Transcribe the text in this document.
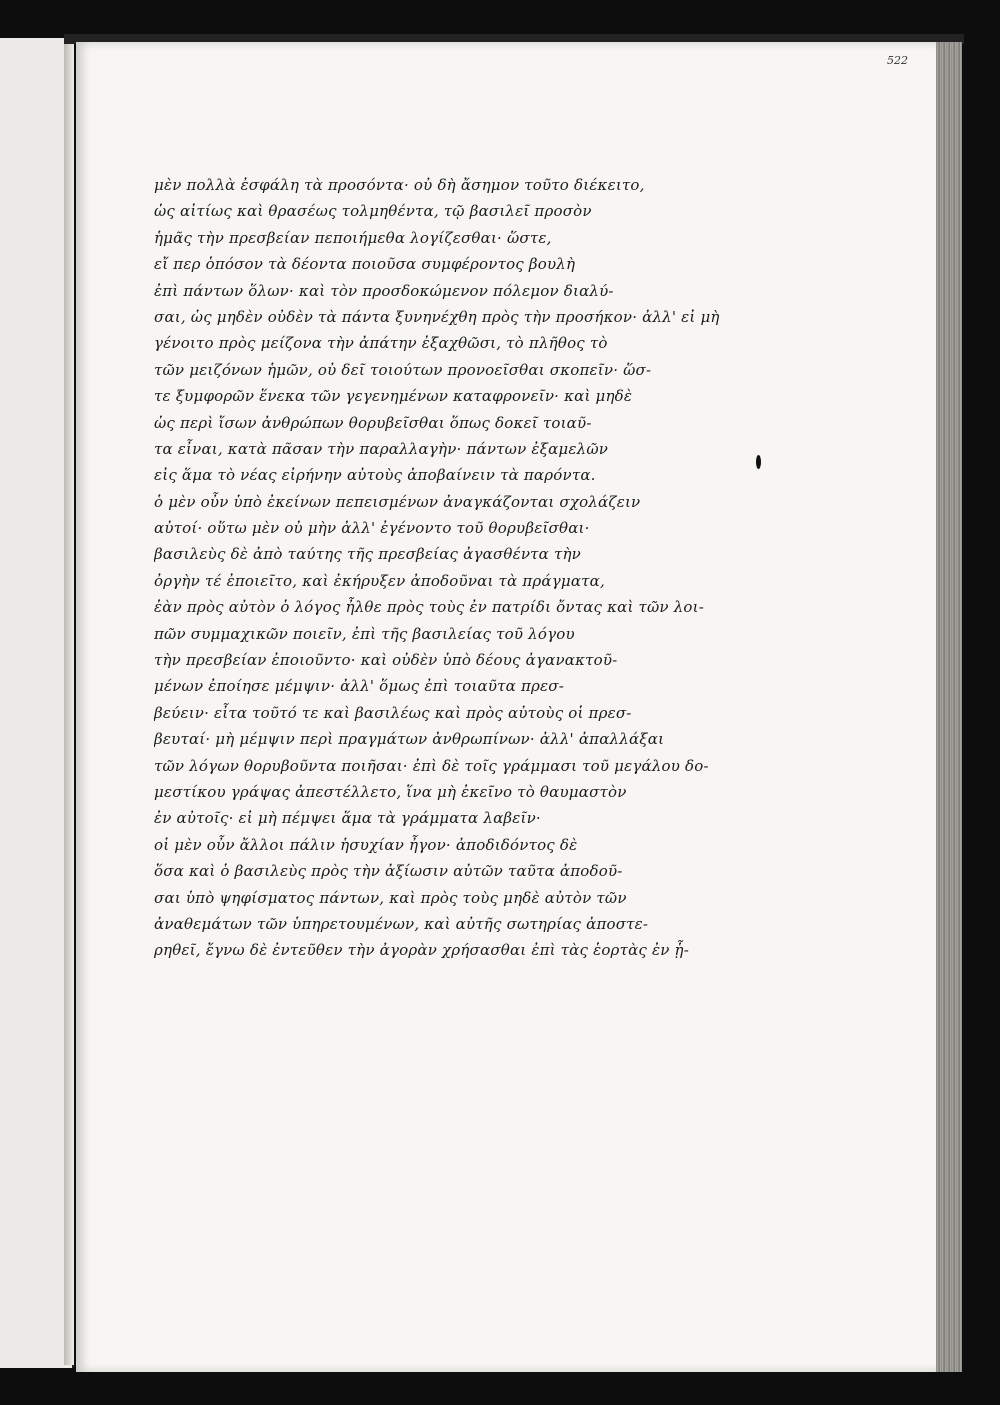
522
μὲν πολλὰ ἐσφάλη τὰ προσόντα· οὐ δὴ ἄσημον τοῦτο διέκειτο,
ὡς αἰτίως καὶ θρασέως τολμηθέντα, τῷ βασιλεῖ προσὸν
ἡμᾶς τὴν πρεσβείαν πεποιήμεθα λογίζεσθαι· ὥστε,
εἴ περ ὁπόσον τὰ δέοντα ποιοῦσα συμφέροντος βουλὴ
ἐπὶ πάντων ὅλων· καὶ τὸν προσδοκώμενον πόλεμον διαλύ-
σαι, ὡς μηδὲν οὐδὲν τὰ πάντα ξυνηνέχθη πρὸς τὴν προσήκον· ἀλλ' εἰ μὴ
γένοιτο πρὸς μείζονα τὴν ἀπάτην ἐξαχθῶσι, τὸ πλῆθος τὸ
τῶν μειζόνων ἡμῶν, οὐ δεῖ τοιούτων προνοεῖσθαι σκοπεῖν· ὥσ-
τε ξυμφορῶν ἕνεκα τῶν γεγενημένων καταφρονεῖν· καὶ μηδὲ
ὡς περὶ ἴσων ἀνθρώπων θορυβεῖσθαι ὅπως δοκεῖ τοιαῦ-
τα εἶναι, κατὰ πᾶσαν τὴν παραλλαγὴν· πάντων ἐξαμελῶν
εἰς ἅμα τὸ νέας εἰρήνην αὐτοὺς ἀποβαίνειν τὰ παρόντα.
ὁ μὲν οὖν ὑπὸ ἐκείνων πεπεισμένων ἀναγκάζονται σχολάζειν
αὐτοί· οὕτω μὲν οὐ μὴν ἀλλ' ἐγένοντο τοῦ θορυβεῖσθαι·
βασιλεὺς δὲ ἀπὸ ταύτης τῆς πρεσβείας ἀγασθέντα τὴν
ὀργὴν τέ ἐποιεῖτο, καὶ ἐκήρυξεν ἀποδοῦναι τὰ πράγματα,
ἐὰν πρὸς αὐτὸν ὁ λόγος ἦλθε πρὸς τοὺς ἐν πατρίδι ὄντας καὶ τῶν λοι-
πῶν συμμαχικῶν ποιεῖν, ἐπὶ τῆς βασιλείας τοῦ λόγου
τὴν πρεσβείαν ἐποιοῦντο· καὶ οὐδὲν ὑπὸ δέους ἀγανακτοῦ-
μένων ἐποίησε μέμψιν· ἀλλ' ὅμως ἐπὶ τοιαῦτα πρεσ-
βεύειν· εἶτα τοῦτό τε καὶ βασιλέως καὶ πρὸς αὐτοὺς οἱ πρεσ-
βευταί· μὴ μέμψιν περὶ πραγμάτων ἀνθρωπίνων· ἀλλ' ἀπαλλάξαι
τῶν λόγων θορυβοῦντα ποιῆσαι· ἐπὶ δὲ τοῖς γράμμασι τοῦ μεγάλου δο-
μεστίκου γράψας ἀπεστέλλετο, ἵνα μὴ ἐκεῖνο τὸ θαυμαστὸν
ἐν αὐτοῖς· εἰ μὴ πέμψει ἅμα τὰ γράμματα λαβεῖν·
οἱ μὲν οὖν ἄλλοι πάλιν ἡσυχίαν ἦγον· ἀποδιδόντος δὲ
ὅσα καὶ ὁ βασιλεὺς πρὸς τὴν ἀξίωσιν αὐτῶν ταῦτα ἀποδοῦ-
σαι ὑπὸ ψηφίσματος πάντων, καὶ πρὸς τοὺς μηδὲ αὐτὸν τῶν
ἀναθεμάτων τῶν ὑπηρετουμένων, καὶ αὐτῆς σωτηρίας ἀποστε-
ρηθεῖ, ἔγνω δὲ ἐντεῦθεν τὴν ἀγορὰν χρήσασθαι ἐπὶ τὰς ἑορτὰς ἐν ᾗ-
